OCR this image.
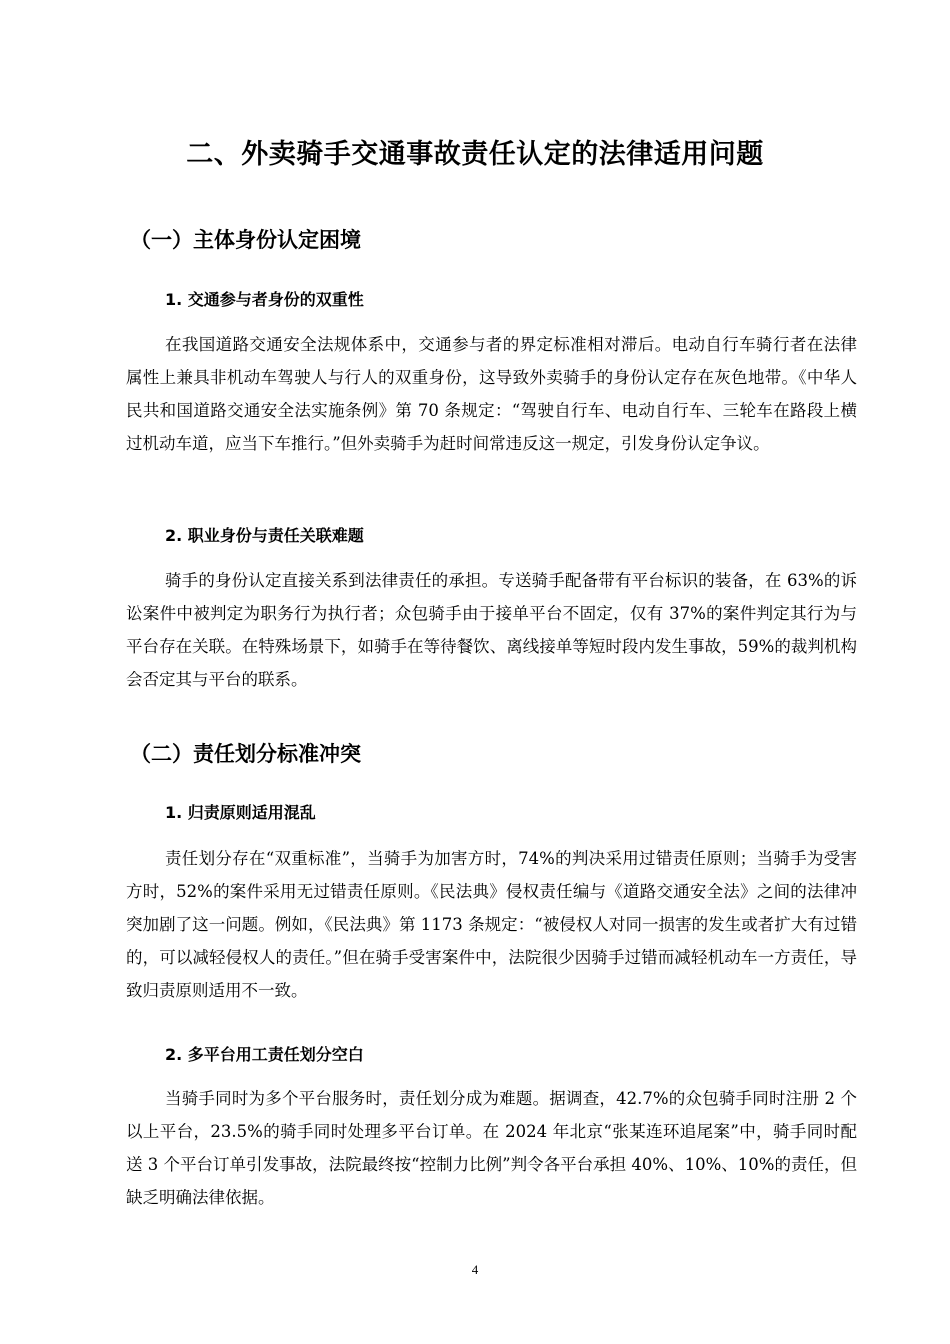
二、外卖骑手交通事故责任认定的法律适用问题
（一）主体身份认定困境
1. 交通参与者身份的双重性

在我国道路交通安全法规体系中，交通参与者的界定标准相对滞后。电动自行车骑行者在法律属性上兼具非机动车驾驶人与行人的双重身份，这导致外卖骑手的身份认定存在灰色地带。《中华人民共和国道路交通安全法实施条例》第 70 条规定：“驾驶自行车、电动自行车、三轮车在路段上横过机动车道，应当下车推行。”但外卖骑手为赶时间常违反这一规定，引发身份认定争议。

2. 职业身份与责任关联难题

骑手的身份认定直接关系到法律责任的承担。专送骑手配备带有平台标识的装备，在 63%的诉讼案件中被判定为职务行为执行者；众包骑手由于接单平台不固定，仅有 37%的案件判定其行为与平台存在关联。在特殊场景下，如骑手在等待餐饮、离线接单等短时段内发生事故，59%的裁判机构会否定其与平台的联系。

（二）责任划分标准冲突
1. 归责原则适用混乱

责任划分存在“双重标准”，当骑手为加害方时，74%的判决采用过错责任原则；当骑手为受害方时，52%的案件采用无过错责任原则。《民法典》侵权责任编与《道路交通安全法》之间的法律冲突加剧了这一问题。例如，《民法典》第 1173 条规定：“被侵权人对同一损害的发生或者扩大有过错的，可以减轻侵权人的责任。”但在骑手受害案件中，法院很少因骑手过错而减轻机动车一方责任，导致归责原则适用不一致。

2. 多平台用工责任划分空白

当骑手同时为多个平台服务时，责任划分成为难题。据调查，42.7%的众包骑手同时注册 2 个以上平台，23.5%的骑手同时处理多平台订单。在 2024 年北京“张某连环追尾案”中，骑手同时配送 3 个平台订单引发事故，法院最终按“控制力比例”判令各平台承担 40%、10%、10%的责任，但缺乏明确法律依据。

4
